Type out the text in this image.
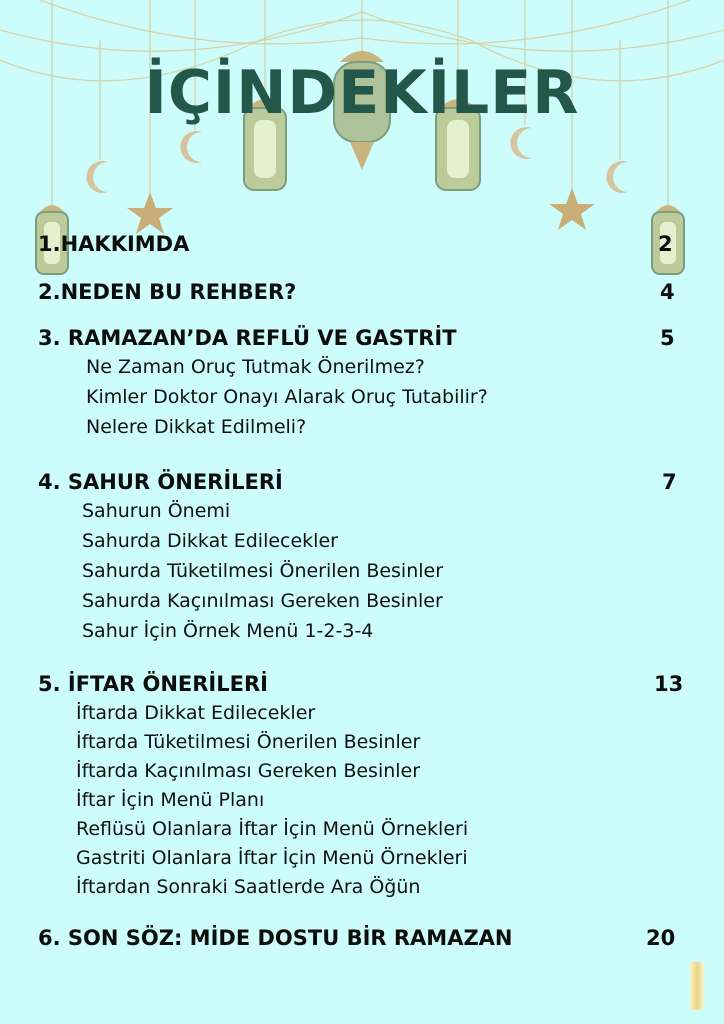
İÇİNDEKİLER
1.HAKKIMDA	2
2.NEDEN BU REHBER?	4
3. RAMAZAN’DA REFLÜ VE GASTRİT	5
Ne Zaman Oruç Tutmak Önerilmez?
Kimler Doktor Onayı Alarak Oruç Tutabilir?
Nelere Dikkat Edilmeli?
4. SAHUR ÖNERİLERİ	7
Sahurun Önemi
Sahurda Dikkat Edilecekler
Sahurda Tüketilmesi Önerilen Besinler
Sahurda Kaçınılması Gereken Besinler
Sahur İçin Örnek Menü 1-2-3-4
5. İFTAR ÖNERİLERİ	13
İftarda Dikkat Edilecekler
İftarda Tüketilmesi Önerilen Besinler
İftarda Kaçınılması Gereken Besinler
İftar İçin Menü Planı
Reflüsü Olanlara İftar İçin Menü Örnekleri
Gastriti Olanlara İftar İçin Menü Örnekleri
İftardan Sonraki Saatlerde Ara Öğün
6. SON SÖZ: MİDE DOSTU BİR RAMAZAN	20
